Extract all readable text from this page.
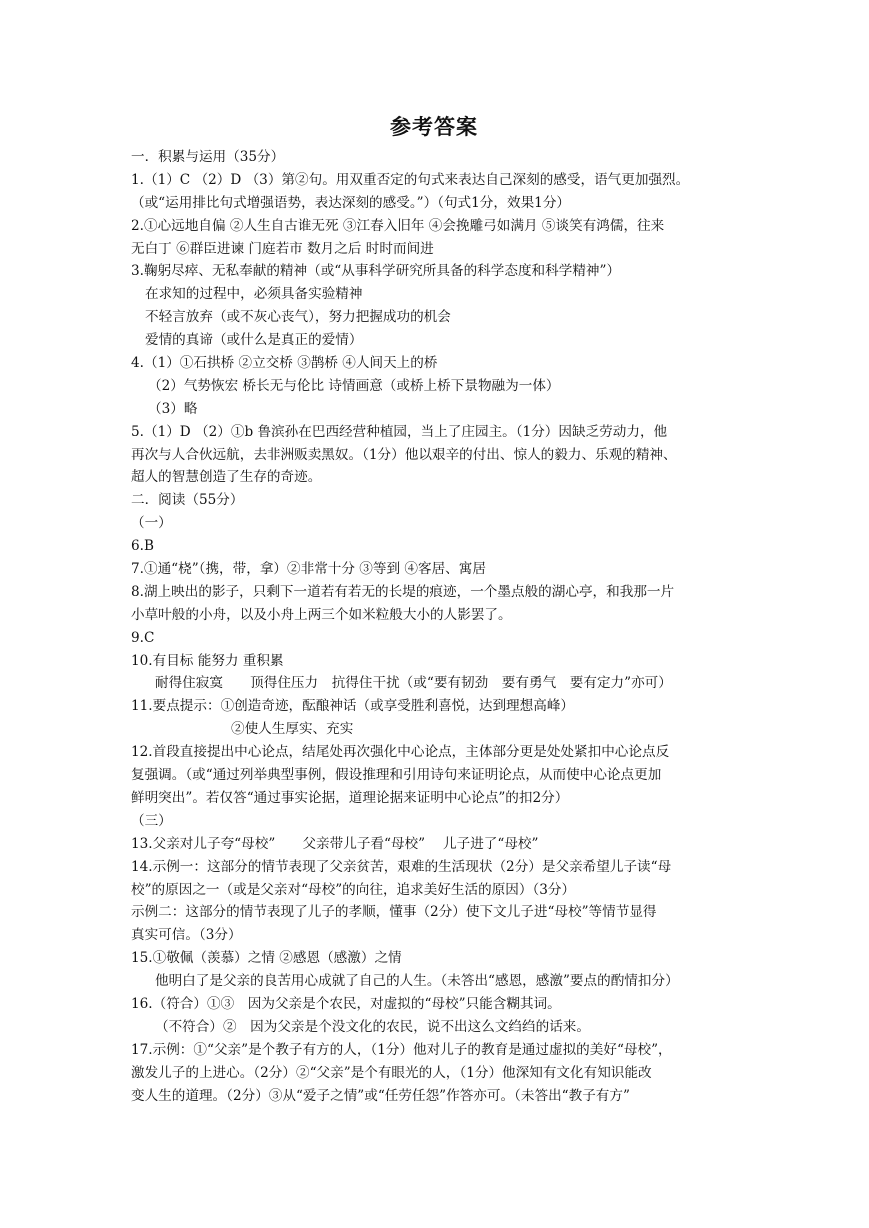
参考答案
一．积累与运用（35分）
1.（1）C （2）D （3）第②句。用双重否定的句式来表达自己深刻的感受，语气更加强烈。
（或“运用排比句式增强语势，表达深刻的感受。”）（句式1分，效果1分）
2.①心远地自偏 ②人生自古谁无死 ③江春入旧年 ④会挽雕弓如满月 ⑤谈笑有鸿儒，往来
无白丁 ⑥群臣进谏 门庭若市 数月之后 时时而间进
3.鞠躬尽瘁、无私奉献的精神（或“从事科学研究所具备的科学态度和科学精神”）
在求知的过程中，必须具备实验精神
不轻言放弃（或不灰心丧气），努力把握成功的机会
爱情的真谛（或什么是真正的爱情）
4.（1）①石拱桥 ②立交桥 ③鹊桥 ④人间天上的桥
（2）气势恢宏 桥长无与伦比 诗情画意（或桥上桥下景物融为一体）
（3）略
5.（1）D （2）①b 鲁滨孙在巴西经营种植园，当上了庄园主。（1分）因缺乏劳动力，他
再次与人合伙远航，去非洲贩卖黑奴。（1分）他以艰辛的付出、惊人的毅力、乐观的精神、
超人的智慧创造了生存的奇迹。
二．阅读（55分）
（一）
6.B
7.①通“桡”（携，带，拿）②非常十分 ③等到 ④客居、寓居
8.湖上映出的影子，只剩下一道若有若无的长堤的痕迹，一个墨点般的湖心亭，和我那一片
小草叶般的小舟，以及小舟上两三个如米粒般大小的人影罢了。
9.C
10.有目标 能努力 重积累
耐得住寂寞　　顶得住压力　抗得住干扰（或“要有韧劲　要有勇气　要有定力”亦可）
11.要点提示：①创造奇迹，酝酿神话（或享受胜利喜悦，达到理想高峰）
②使人生厚实、充实
12.首段直接提出中心论点，结尾处再次强化中心论点，主体部分更是处处紧扣中心论点反
复强调。（或“通过列举典型事例，假设推理和引用诗句来证明论点，从而使中心论点更加
鲜明突出”。若仅答“通过事实论据，道理论据来证明中心论点”的扣2分）
（三）
13.父亲对儿子夸“母校”　　父亲带儿子看“母校”　 儿子进了“母校”
14.示例一：这部分的情节表现了父亲贫苦，艰难的生活现状（2分）是父亲希望儿子读“母
校”的原因之一（或是父亲对“母校”的向往，追求美好生活的原因）（3分）
示例二：这部分的情节表现了儿子的孝顺，懂事（2分）使下文儿子进“母校”等情节显得
真实可信。（3分）
15.①敬佩（羡慕）之情 ②感恩（感激）之情
他明白了是父亲的良苦用心成就了自己的人生。（未答出“感恩，感激”要点的酌情扣分）
16.（符合）①③　因为父亲是个农民，对虚拟的“母校”只能含糊其词。
（不符合）②　因为父亲是个没文化的农民，说不出这么文绉绉的话来。
17.示例：①“父亲”是个教子有方的人，（1分）他对儿子的教育是通过虚拟的美好“母校”，
激发儿子的上进心。（2分）②“父亲”是个有眼光的人，（1分）他深知有文化有知识能改
变人生的道理。（2分）③从“爱子之情”或“任劳任怨”作答亦可。（未答出“教子有方”
